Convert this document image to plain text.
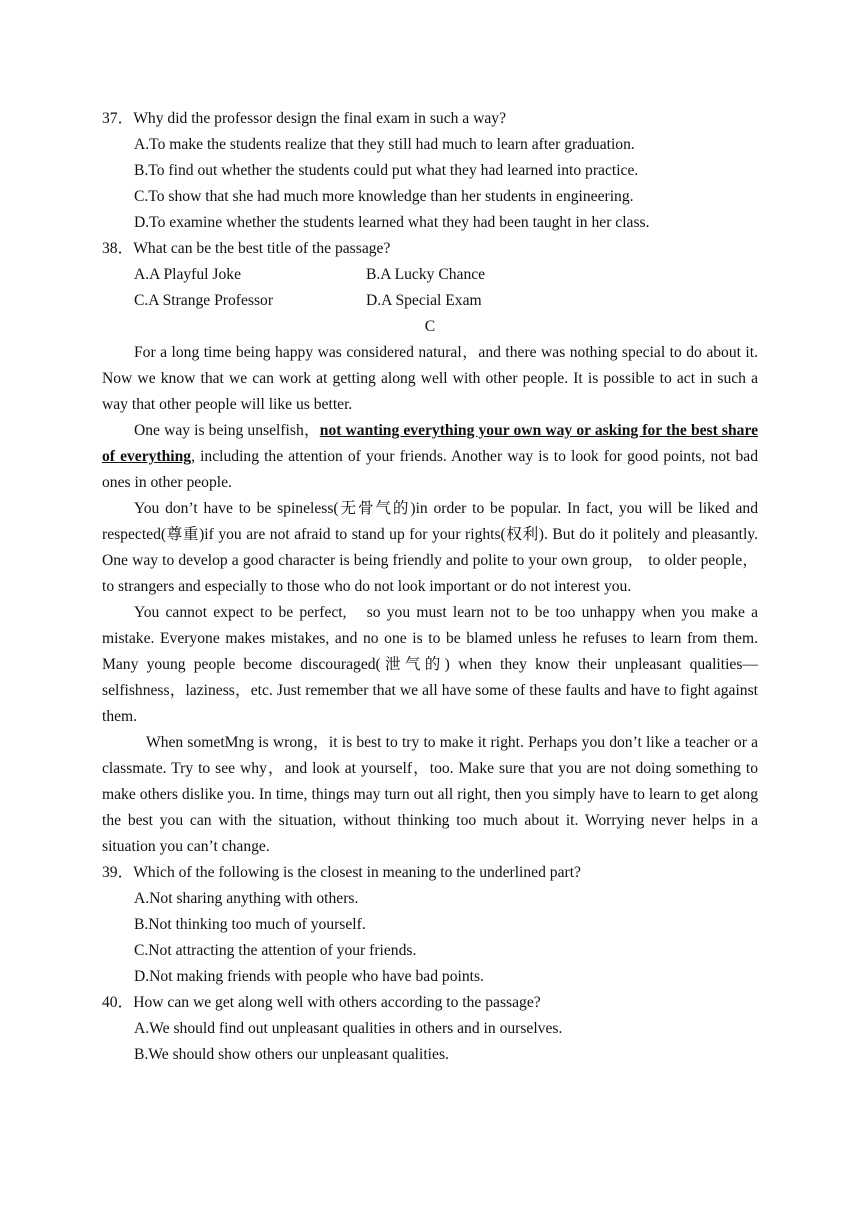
37．Why did the professor design the final exam in such a way?

A.To make the students realize that they still had much to learn after graduation.

B.To find out whether the students could put what they had learned into practice.

C.To show that she had much more knowledge than her students in engineering.

D.To examine whether the students learned what they had been taught in her class.

38．What can be the best title of the passage?

A.A Playful Joke	B.A Lucky Chance

C.A Strange Professor	D.A Special Exam

C

For a long time being happy was considered natural，and there was nothing special to do about it. Now we know that we can work at getting along well with other people. It is possible to act in such a way that other people will like us better.

One way is being unselfish，not wanting everything your own way or asking for the best share of everything, including the attention of your friends. Another way is to look for good points, not bad ones in other people.

You don’t have to be spineless(无骨气的)in order to be popular. In fact, you will be liked and respected(尊重)if you are not afraid to stand up for your rights(权利). But do it politely and pleasantly. One way to develop a good character is being friendly and polite to your own group,　to older people，to strangers and especially to those who do not look important or do not interest you.

You cannot expect to be perfect,　so you must learn not to be too unhappy when you make a mistake. Everyone makes mistakes, and no one is to be blamed unless he refuses to learn from them. Many young people become discouraged(泄气的) when they know their unpleasant qualities—selfishness，laziness，etc. Just remember that we all have some of these faults and have to fight against them.

When sometMng is wrong，it is best to try to make it right. Perhaps you don’t like a teacher or a classmate. Try to see why，and look at yourself，too. Make sure that you are not doing something to make others dislike you. In time, things may turn out all right, then you simply have to learn to get along the best you can with the situation, without thinking too much about it. Worrying never helps in a situation you can’t change.

39．Which of the following is the closest in meaning to the underlined part?

A.Not sharing anything with others.

B.Not thinking too much of yourself.

C.Not attracting the attention of your friends.

D.Not making friends with people who have bad points.

40．How can we get along well with others according to the passage?

A.We should find out unpleasant qualities in others and in ourselves.

B.We should show others our unpleasant qualities.
